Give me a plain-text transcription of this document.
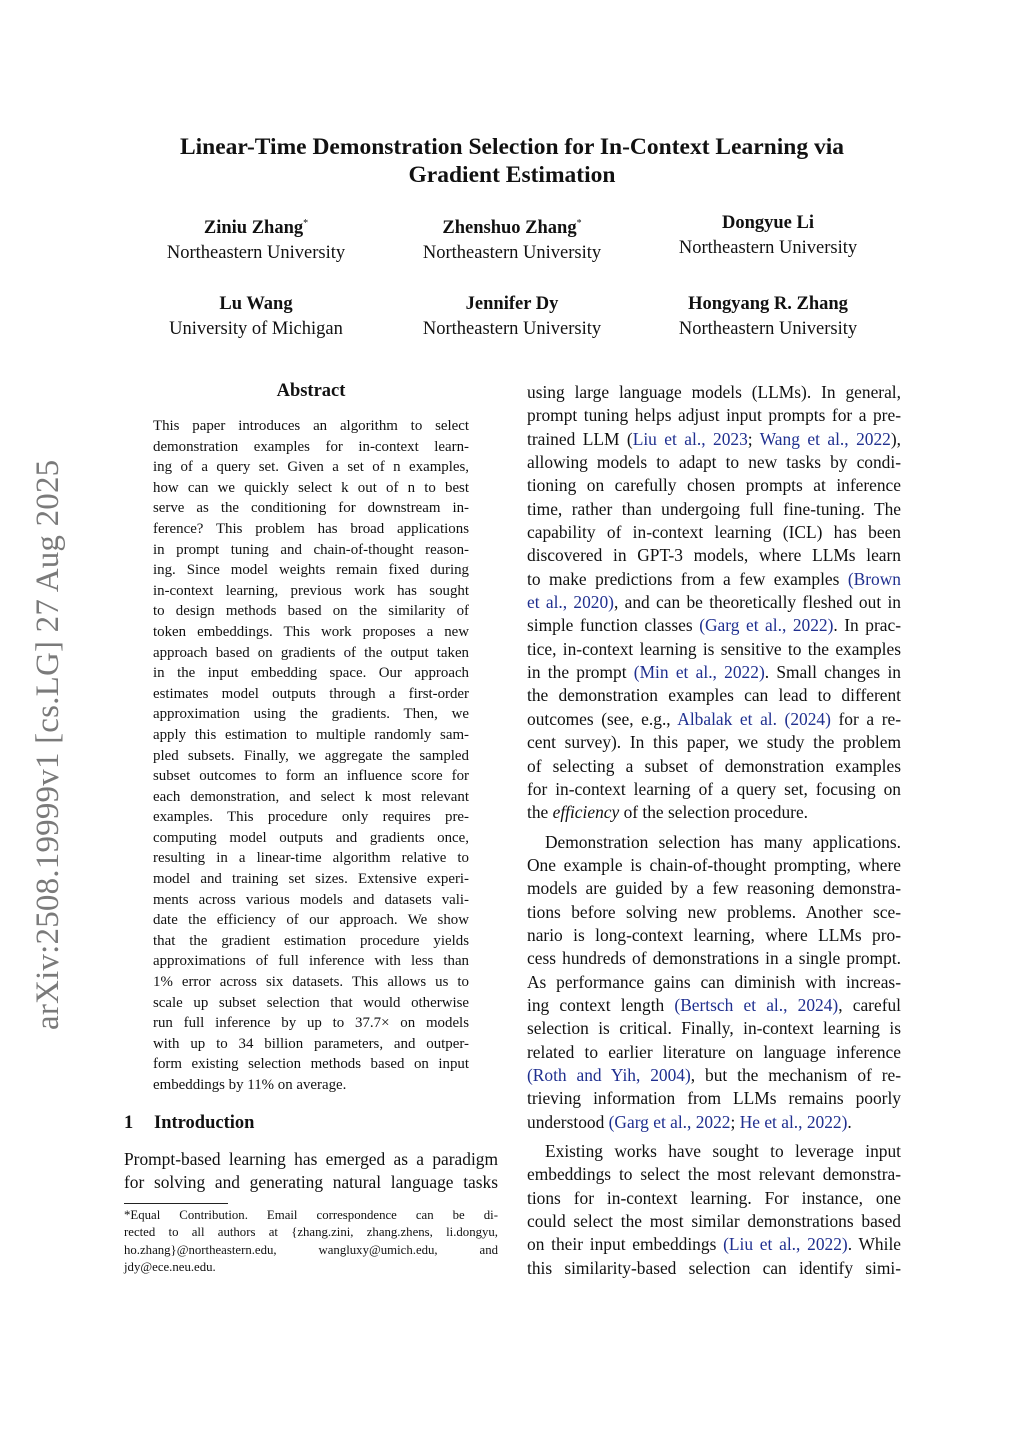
arXiv:2508.19999v1 [cs.LG] 27 Aug 2025
Linear-Time Demonstration Selection for In-Context Learning via
Gradient Estimation
Ziniu Zhang*
Northeastern University
Zhenshuo Zhang*
Northeastern University
Dongyue Li
Northeastern University
Lu Wang
University of Michigan
Jennifer Dy
Northeastern University
Hongyang R. Zhang
Northeastern University
Abstract
This paper introduces an algorithm to select
demonstration examples for in-context learn-
ing of a query set. Given a set of n examples,
how can we quickly select k out of n to best
serve as the conditioning for downstream in-
ference? This problem has broad applications
in prompt tuning and chain-of-thought reason-
ing. Since model weights remain fixed during
in-context learning, previous work has sought
to design methods based on the similarity of
token embeddings. This work proposes a new
approach based on gradients of the output taken
in the input embedding space. Our approach
estimates model outputs through a first-order
approximation using the gradients. Then, we
apply this estimation to multiple randomly sam-
pled subsets. Finally, we aggregate the sampled
subset outcomes to form an influence score for
each demonstration, and select k most relevant
examples. This procedure only requires pre-
computing model outputs and gradients once,
resulting in a linear-time algorithm relative to
model and training set sizes. Extensive experi-
ments across various models and datasets vali-
date the efficiency of our approach. We show
that the gradient estimation procedure yields
approximations of full inference with less than
1% error across six datasets. This allows us to
scale up subset selection that would otherwise
run full inference by up to 37.7× on models
with up to 34 billion parameters, and outper-
form existing selection methods based on input
embeddings by 11% on average.
1 Introduction
Prompt-based learning has emerged as a paradigm
for solving and generating natural language tasks
*Equal Contribution. Email correspondence can be di-
rected to all authors at {zhang.zini, zhang.zhens, li.dongyu,
ho.zhang}@northeastern.edu, wangluxy@umich.edu, and
jdy@ece.neu.edu.
using large language models (LLMs). In general,
prompt tuning helps adjust input prompts for a pre-
trained LLM (Liu et al., 2023; Wang et al., 2022),
allowing models to adapt to new tasks by condi-
tioning on carefully chosen prompts at inference
time, rather than undergoing full fine-tuning. The
capability of in-context learning (ICL) has been
discovered in GPT-3 models, where LLMs learn
to make predictions from a few examples (Brown
et al., 2020), and can be theoretically fleshed out in
simple function classes (Garg et al., 2022). In prac-
tice, in-context learning is sensitive to the examples
in the prompt (Min et al., 2022). Small changes in
the demonstration examples can lead to different
outcomes (see, e.g., Albalak et al. (2024) for a re-
cent survey). In this paper, we study the problem
of selecting a subset of demonstration examples
for in-context learning of a query set, focusing on
the efficiency of the selection procedure.
Demonstration selection has many applications.
One example is chain-of-thought prompting, where
models are guided by a few reasoning demonstra-
tions before solving new problems. Another sce-
nario is long-context learning, where LLMs pro-
cess hundreds of demonstrations in a single prompt.
As performance gains can diminish with increas-
ing context length (Bertsch et al., 2024), careful
selection is critical. Finally, in-context learning is
related to earlier literature on language inference
(Roth and Yih, 2004), but the mechanism of re-
trieving information from LLMs remains poorly
understood (Garg et al., 2022; He et al., 2022).
Existing works have sought to leverage input
embeddings to select the most relevant demonstra-
tions for in-context learning. For instance, one
could select the most similar demonstrations based
on their input embeddings (Liu et al., 2022). While
this similarity-based selection can identify simi-
